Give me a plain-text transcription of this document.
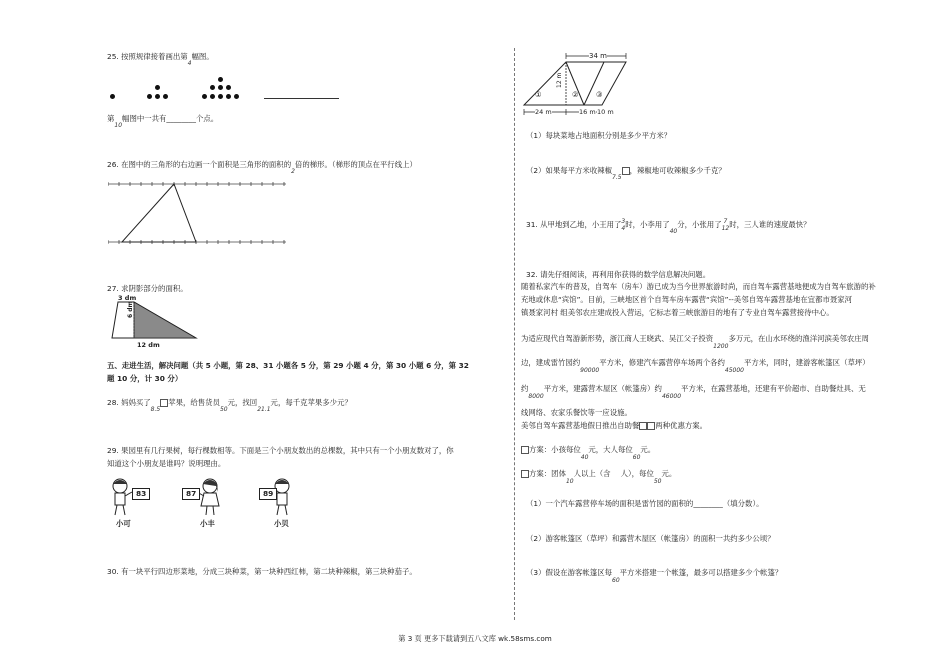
25. 按照规律接着画出第$_4$幅图。
第$_{10}$幅图中一共有________个点。
26. 在图中的三角形的右边画一个面积是三角形的面积的$_2$倍的梯形。（梯形的顶点在平行线上）
27. 求阴影部分的面积。
3 dm
6 dm
12 dm
五、走进生活，解决问题（共 5 小题，第 28、31 小题各 5 分，第 29 小题 4 分，第 30 小题 6 分，第 32
题 10 分，计 30 分）
28. 妈妈买了$_{8.5}$苹果，给售货员$_{50}$元，找回$_{21.1}$元，每千克苹果多少元？
29. 果园里有几行果树，每行棵数相等。下面是三个小朋友数出的总棵数，其中只有一个小朋友数对了，你
知道这个小朋友是谁吗？说明理由。
83
小可
87
小丰
89
小贝
30. 有一块平行四边形菜地，分成三块种菜，第一块种西红柿，第二块种辣椒，第三块种茄子。
34 m
12 m
①	② ③
24 m	16 m 10 m
（1）每块菜地占地面积分别是多少平方米？
（2）如果每平方米收辣椒$_{7.5}$，辣椒地可收辣椒多少千克？
31. 从甲地到乙地，小王用了3
4时，小李用了$_{40}$分，小张用了 7
12时，三人谁的速度最快？
32. 请先仔细阅读，再利用你获得的数学信息解决问题。
随着私家汽车的普及，自驾车（房车）游已成为当今世界旅游时尚，而自驾车露营基地便成为自驾车旅游的补
充地或休息“宾馆”。目前，三峡地区首个自驾车房车露营“宾馆”--美邻自驾车露营基地在宜都市聂家河
镇聂家河村 组美邻农庄建成投入营运，它标志着三峡旅游目的地有了专业自驾车露营接待中心。
为适应现代自驾游新形势，浙江商人王晓武、吴江父子投资$_{1200}$多万元，在山水环绕的渔洋河滨美邻农庄周
边，建成雷竹园约$_{90000}$平方米，修建汽车露营停车场两个各约$_{45000}$平方米，同时，建游客帐篷区（草坪）
约$_{8000}$平方米，建露营木屋区（帐篷房）约$_{46000}$平方米，在露营基地，还建有平价超市、自助餐灶具、无
线网络、农家乐餐饮等一应设施。
美邻自驾车露营基地假日推出自助餐 两种优惠方案。
方案：小孩每位$_{40}$元，大人每位$_{60}$元。
方案：团体$_{10}$人以上（含 人），每位$_{50}$元。
（1）一个汽车露营停车场的面积是雷竹园的面积的________（填分数）。
（2）游客帐篷区（草坪）和露营木屋区（帐篷房）的面积一共约多少公顷？
（3）假设在游客帐篷区每$_{60}$平方米搭建一个帐篷，最多可以搭建多少个帐篷？
第 3 页 更多下载请到五八文库 wk.58sms.com
